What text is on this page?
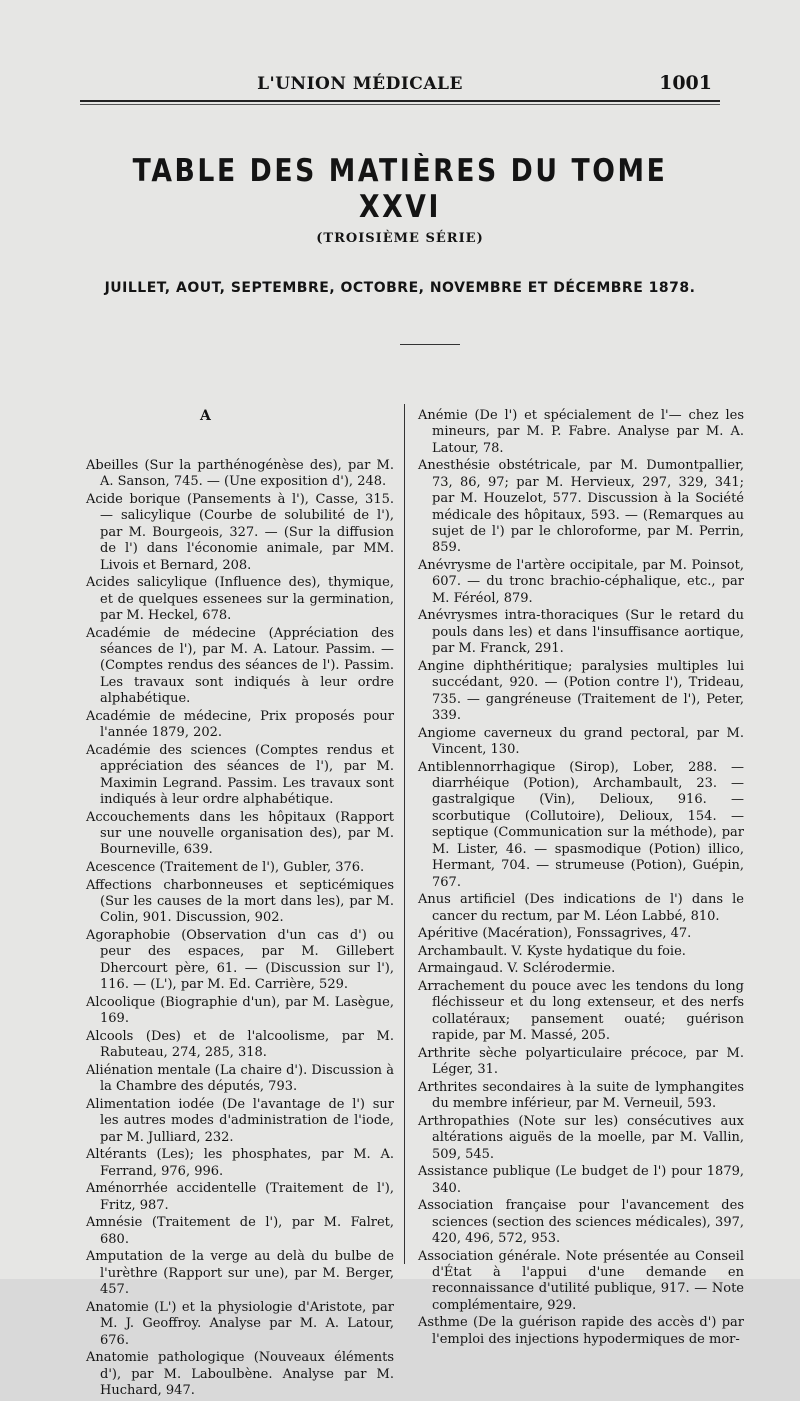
L'UNION MÉDICALE	1001
TABLE DES MATIÈRES DU TOME XXVI
(TROISIÈME SÉRIE)
JUILLET, AOUT, SEPTEMBRE, OCTOBRE, NOVEMBRE ET DÉCEMBRE 1878.
A

Abeilles (Sur la parthénogénèse des), par M. A. Sanson, 745. — (Une exposition d'), 248.

Acide borique (Pansements à l'), Casse, 315. — salicylique (Courbe de solubilité de l'), par M. Bourgeois, 327. — (Sur la diffusion de l') dans l'économie animale, par MM. Livois et Bernard, 208.

Acides salicylique (Influence des), thymique, et de quelques essenees sur la germination, par M. Heckel, 678.

Académie de médecine (Appréciation des séances de l'), par M. A. Latour. Passim. — (Comptes rendus des séances de l'). Passim. Les travaux sont indiqués à leur ordre alphabétique.

Académie de médecine, Prix proposés pour l'année 1879, 202.

Académie des sciences (Comptes rendus et appréciation des séances de l'), par M. Maximin Legrand. Passim. Les travaux sont indiqués à leur ordre alphabétique.

Accouchements dans les hôpitaux (Rapport sur une nouvelle organisation des), par M. Bourneville, 639.

Acescence (Traitement de l'), Gubler, 376.

Affections charbonneuses et septicémiques (Sur les causes de la mort dans les), par M. Colin, 901. Discussion, 902.

Agoraphobie (Observation d'un cas d') ou peur des espaces, par M. Gillebert Dhercourt père, 61. — (Discussion sur l'), 116. — (L'), par M. Ed. Carrière, 529.

Alcoolique (Biographie d'un), par M. Lasègue, 169.

Alcools (Des) et de l'alcoolisme, par M. Rabuteau, 274, 285, 318.

Aliénation mentale (La chaire d'). Discussion à la Chambre des députés, 793.

Alimentation iodée (De l'avantage de l') sur les autres modes d'administration de l'iode, par M. Julliard, 232.

Altérants (Les); les phosphates, par M. A. Ferrand, 976, 996.

Aménorrhée accidentelle (Traitement de l'), Fritz, 987.

Amnésie (Traitement de l'), par M. Falret, 680.

Amputation de la verge au delà du bulbe de l'urèthre (Rapport sur une), par M. Berger, 457.

Anatomie (L') et la physiologie d'Aristote, par M. J. Geoffroy. Analyse par M. A. Latour, 676.

Anatomie pathologique (Nouveaux éléments d'), par M. Laboulbène. Analyse par M. Huchard, 947.

Anémie (De l') et spécialement de l'— chez les mineurs, par M. P. Fabre. Analyse par M. A. Latour, 78.

Anesthésie obstétricale, par M. Dumontpallier, 73, 86, 97; par M. Hervieux, 297, 329, 341; par M. Houzelot, 577. Discussion à la Société médicale des hôpitaux, 593. — (Remarques au sujet de l') par le chloroforme, par M. Perrin, 859.

Anévrysme de l'artère occipitale, par M. Poinsot, 607. — du tronc brachio-céphalique, etc., par M. Féréol, 879.

Anévrysmes intra-thoraciques (Sur le retard du pouls dans les) et dans l'insuffisance aortique, par M. Franck, 291.

Angine diphthéritique; paralysies multiples lui succédant, 920. — (Potion contre l'), Trideau, 735. — gangréneuse (Traitement de l'), Peter, 339.

Angiome caverneux du grand pectoral, par M. Vincent, 130.

Antiblennorrhagique (Sirop), Lober, 288. — diarrhéique (Potion), Archambault, 23. — gastralgique (Vin), Delioux, 916. — scorbutique (Collutoire), Delioux, 154. — septique (Communication sur la méthode), par M. Lister, 46. — spasmodique (Potion) illico, Hermant, 704. — strumeuse (Potion), Guépin, 767.

Anus artificiel (Des indications de l') dans le cancer du rectum, par M. Léon Labbé, 810.

Apéritive (Macération), Fonssagrives, 47.

Archambault. V. Kyste hydatique du foie.

Armaingaud. V. Sclérodermie.

Arrachement du pouce avec les tendons du long fléchisseur et du long extenseur, et des nerfs collatéraux; pansement ouaté; guérison rapide, par M. Massé, 205.

Arthrite sèche polyarticulaire précoce, par M. Léger, 31.

Arthrites secondaires à la suite de lymphangites du membre inférieur, par M. Verneuil, 593.

Arthropathies (Note sur les) consécutives aux altérations aiguës de la moelle, par M. Vallin, 509, 545.

Assistance publique (Le budget de l') pour 1879, 340.

Association française pour l'avancement des sciences (section des sciences médicales), 397, 420, 496, 572, 953.

Association générale. Note présentée au Conseil d'État à l'appui d'une demande en reconnaissance d'utilité publique, 917. — Note complémentaire, 929.

Asthme (De la guérison rapide des accès d') par l'emploi des injections hypodermiques de mor-
